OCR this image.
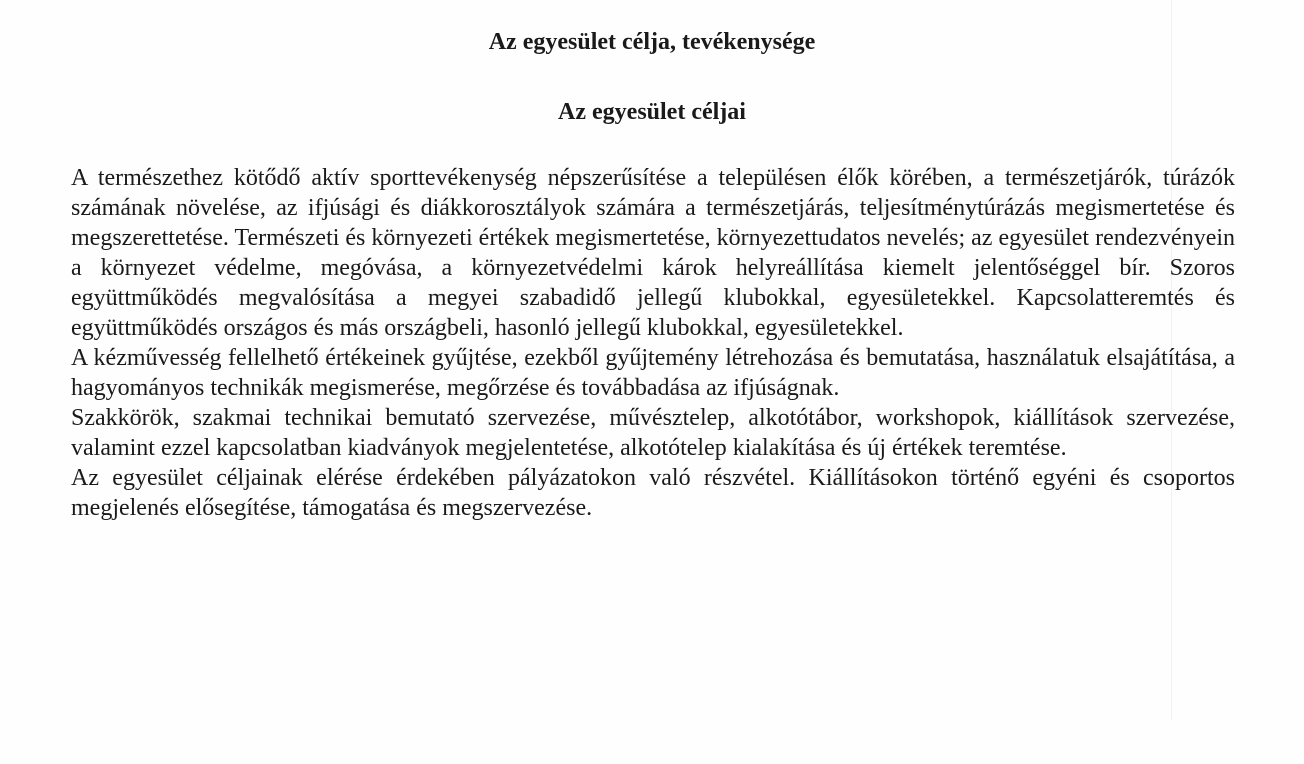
Az egyesület célja, tevékenysége
Az egyesület céljai

A természethez kötődő aktív sporttevékenység népszerűsítése a településen élők körében, a természetjárók, túrázók számának növelése, az ifjúsági és diákkorosztályok számára a természetjárás, teljesítménytúrázás megismertetése és megszerettetése. Természeti és környezeti értékek megismertetése, környezettudatos nevelés; az egyesület rendezvényein a környezet védelme, megóvása, a környezetvédelmi károk helyreállítása kiemelt jelentőséggel bír. Szoros együttműködés megvalósítása a megyei szabadidő jellegű klubokkal, egyesületekkel. Kapcsolatteremtés és együttműködés országos és más országbeli, hasonló jellegű klubokkal, egyesületekkel.

A kézművesség fellelhető értékeinek gyűjtése, ezekből gyűjtemény létrehozása és bemutatása, használatuk elsajátítása, a hagyományos technikák megismerése, megőrzése és továbbadása az ifjúságnak.

Szakkörök, szakmai technikai bemutató szervezése, művésztelep, alkotótábor, workshopok, kiállítások szervezése, valamint ezzel kapcsolatban kiadványok megjelentetése, alkotótelep kialakítása és új értékek teremtése.

Az egyesület céljainak elérése érdekében pályázatokon való részvétel. Kiállításokon történő egyéni és csoportos megjelenés elősegítése, támogatása és megszervezése.
